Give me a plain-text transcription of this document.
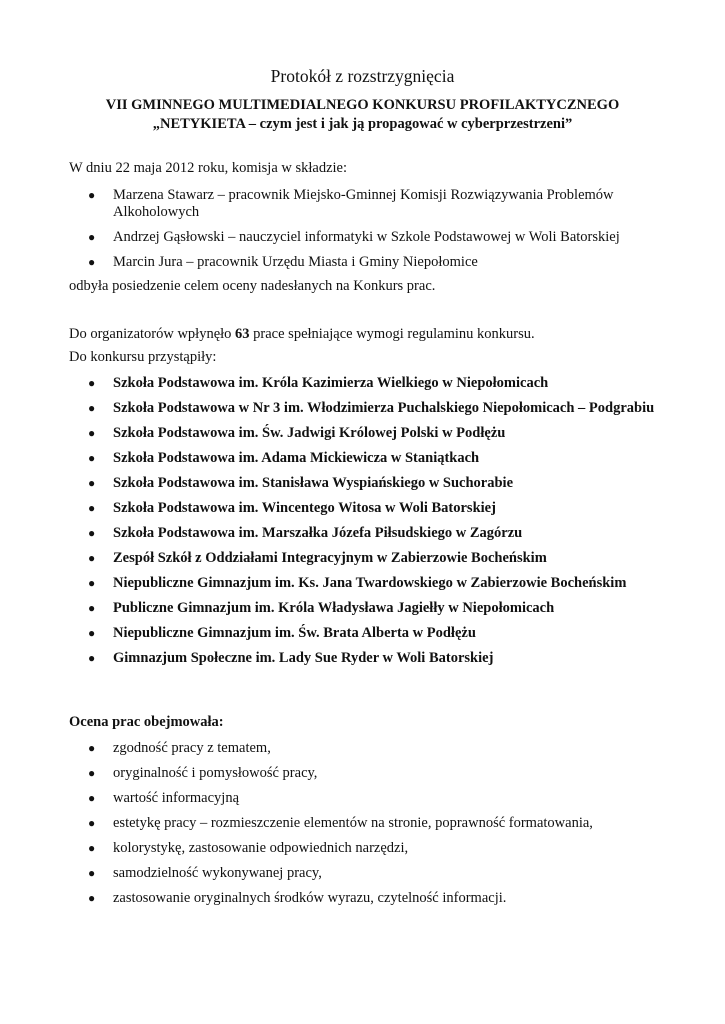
Protokół z rozstrzygnięcia
VII GMINNEGO MULTIMEDIALNEGO KONKURSU PROFILAKTYCZNEGO
„NETYKIETA – czym jest i jak ją propagować w cyberprzestrzeni”
W dniu 22 maja 2012 roku, komisja w składzie:
● Marzena Stawarz – pracownik Miejsko-Gminnej Komisji Rozwiązywania Problemów Alkoholowych
● Andrzej Gąsłowski – nauczyciel informatyki w Szkole Podstawowej w Woli Batorskiej
● Marcin Jura – pracownik Urzędu Miasta i Gminy Niepołomice
odbyła posiedzenie celem oceny nadesłanych na Konkurs prac.
Do organizatorów wpłynęło 63 prace spełniające wymogi regulaminu konkursu.
Do konkursu przystąpiły:
● Szkoła Podstawowa im. Króla Kazimierza Wielkiego w Niepołomicach
● Szkoła Podstawowa w Nr 3 im. Włodzimierza Puchalskiego Niepołomicach – Podgrabiu
● Szkoła Podstawowa im. Św. Jadwigi Królowej Polski w Podłężu
● Szkoła Podstawowa im. Adama Mickiewicza w Staniątkach
● Szkoła Podstawowa im. Stanisława Wyspiańskiego w Suchorabie
● Szkoła Podstawowa im. Wincentego Witosa w Woli Batorskiej
● Szkoła Podstawowa im. Marszałka Józefa Piłsudskiego w Zagórzu
● Zespół Szkół z Oddziałami Integracyjnym w Zabierzowie Bocheńskim
● Niepubliczne Gimnazjum im. Ks. Jana Twardowskiego w Zabierzowie Bocheńskim
● Publiczne Gimnazjum im. Króla Władysława Jagiełły w Niepołomicach
● Niepubliczne Gimnazjum im. Św. Brata Alberta w Podłężu
● Gimnazjum Społeczne im. Lady Sue Ryder w Woli Batorskiej
Ocena prac obejmowała:
● zgodność pracy z tematem,
● oryginalność i pomysłowość pracy,
● wartość informacyjną
● estetykę pracy – rozmieszczenie elementów na stronie, poprawność formatowania,
● kolorystykę, zastosowanie odpowiednich narzędzi,
● samodzielność wykonywanej pracy,
● zastosowanie oryginalnych środków wyrazu, czytelność informacji.
